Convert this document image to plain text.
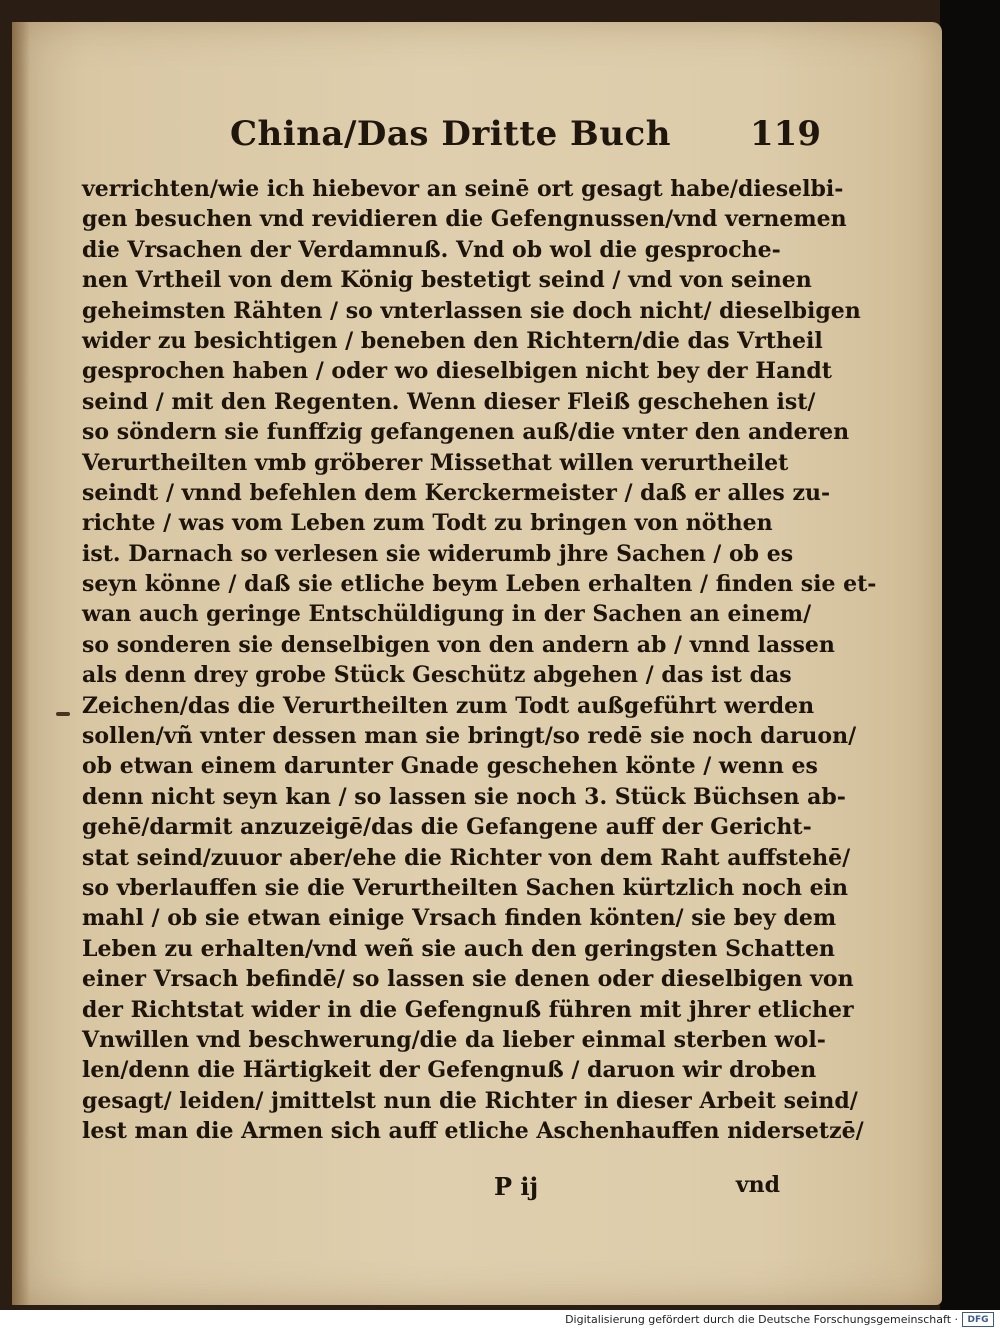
China/Das Dritte Buch 119
verrichten/wie ich hiebevor an seinē ort gesagt habe/dieselbi-
gen besuchen vnd revidieren die Gefengnussen/vnd vernemen
die Vrsachen der Verdamnuß. Vnd ob wol die gesproche-
nen Vrtheil von dem König bestetigt seind / vnd von seinen
geheimsten Rähten / so vnterlassen sie doch nicht/ dieselbigen
wider zu besichtigen / beneben den Richtern/die das Vrtheil
gesprochen haben / oder wo dieselbigen nicht bey der Handt
seind / mit den Regenten. Wenn dieser Fleiß geschehen ist/
so söndern sie funffzig gefangenen auß/die vnter den anderen
Verurtheilten vmb gröberer Missethat willen verurtheilet
seindt / vnnd befehlen dem Kerckermeister / daß er alles zu-
richte / was vom Leben zum Todt zu bringen von nöthen
ist. Darnach so verlesen sie widerumb jhre Sachen / ob es
seyn könne / daß sie etliche beym Leben erhalten / finden sie et-
wan auch geringe Entschüldigung in der Sachen an einem/
so sonderen sie denselbigen von den andern ab / vnnd lassen
als denn drey grobe Stück Geschütz abgehen / das ist das
Zeichen/das die Verurtheilten zum Todt außgeführt werden
sollen/vñ vnter dessen man sie bringt/so redē sie noch daruon/
ob etwan einem darunter Gnade geschehen könte / wenn es
denn nicht seyn kan / so lassen sie noch 3. Stück Büchsen ab-
gehē/darmit anzuzeigē/das die Gefangene auff der Gericht-
stat seind/zuuor aber/ehe die Richter von dem Raht auffstehē/
so vberlauffen sie die Verurtheilten Sachen kürtzlich noch ein
mahl / ob sie etwan einige Vrsach finden könten/ sie bey dem
Leben zu erhalten/vnd weñ sie auch den geringsten Schatten
einer Vrsach befindē/ so lassen sie denen oder dieselbigen von
der Richtstat wider in die Gefengnuß führen mit jhrer etlicher
Vnwillen vnd beschwerung/die da lieber einmal sterben wol-
len/denn die Härtigkeit der Gefengnuß / daruon wir droben
gesagt/ leiden/ jmittelst nun die Richter in dieser Arbeit seind/
lest man die Armen sich auff etliche Aschenhauffen nidersetzē/
P ij	vnd
Digitalisierung gefördert durch die Deutsche Forschungsgemeinschaft ·	DFG
